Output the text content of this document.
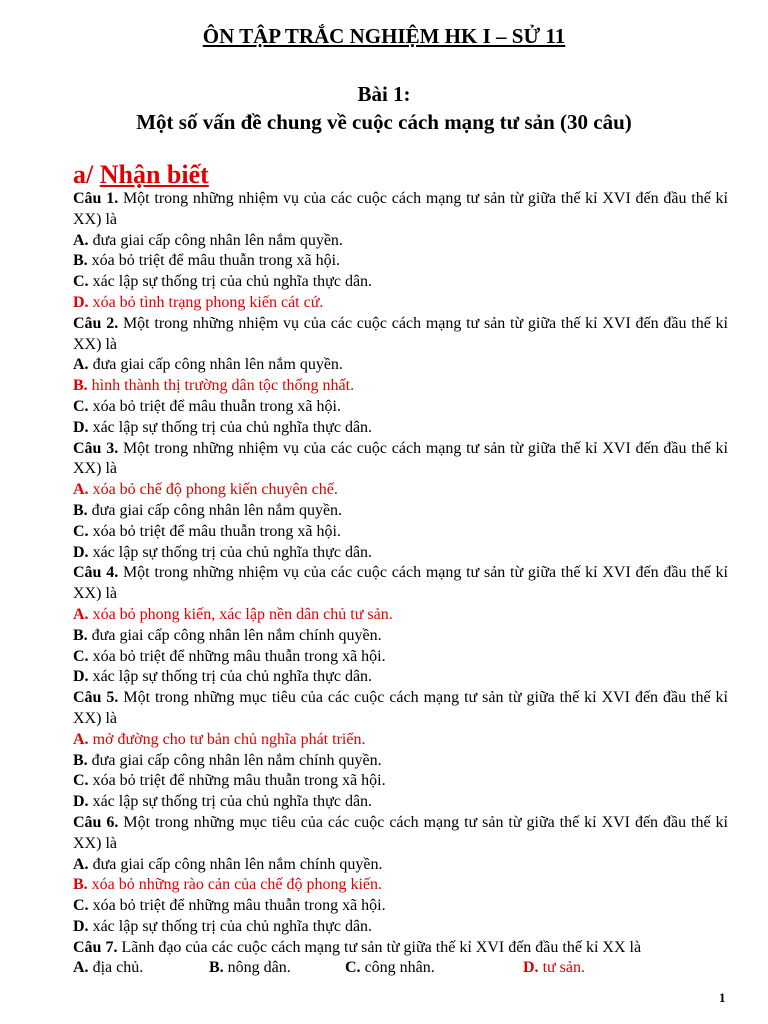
ÔN TẬP TRẮC NGHIỆM HK I – SỬ 11
Bài 1:
Một số vấn đề chung về cuộc cách mạng tư sản (30 câu)
a/ Nhận biết
Câu 1. Một trong những nhiệm vụ của các cuộc cách mạng tư sản từ giữa thế kỉ XVI đến đầu thế kỉ XX) là
A. đưa giai cấp công nhân lên nắm quyền.
B. xóa bỏ triệt để mâu thuẫn trong xã hội.
C. xác lập sự thống trị của chủ nghĩa thực dân.
D. xóa bỏ tình trạng phong kiến cát cứ.
Câu 2. Một trong những nhiệm vụ của các cuộc cách mạng tư sản từ giữa thế kỉ XVI đến đầu thế kỉ XX) là
A. đưa giai cấp công nhân lên nắm quyền.
B. hình thành thị trường dân tộc thống nhất.
C. xóa bỏ triệt để mâu thuẫn trong xã hội.
D. xác lập sự thống trị của chủ nghĩa thực dân.
Câu 3. Một trong những nhiệm vụ của các cuộc cách mạng tư sản từ giữa thế kỉ XVI đến đầu thế kỉ XX) là
A. xóa bỏ chế độ phong kiến chuyên chế.
B. đưa giai cấp công nhân lên nắm quyền.
C. xóa bỏ triệt để mâu thuẫn trong xã hội.
D. xác lập sự thống trị của chủ nghĩa thực dân.
Câu 4. Một trong những nhiệm vụ của các cuộc cách mạng tư sản từ giữa thế kỉ XVI đến đầu thế kỉ XX) là
A. xóa bỏ phong kiến, xác lập nền dân chủ tư sản.
B. đưa giai cấp công nhân lên nắm chính quyền.
C. xóa bỏ triệt để những mâu thuẫn trong xã hội.
D. xác lập sự thống trị của chủ nghĩa thực dân.
Câu 5. Một trong những mục tiêu của các cuộc cách mạng tư sản từ giữa thế kỉ XVI đến đầu thế kỉ XX) là
A. mở đường cho tư bản chủ nghĩa phát triển.
B. đưa giai cấp công nhân lên nắm chính quyền.
C. xóa bỏ triệt để những mâu thuẫn trong xã hội.
D. xác lập sự thống trị của chủ nghĩa thực dân.
Câu 6. Một trong những mục tiêu của các cuộc cách mạng tư sản từ giữa thế kỉ XVI đến đầu thế kỉ XX) là
A. đưa giai cấp công nhân lên nắm chính quyền.
B. xóa bỏ những rào cản của chế độ phong kiến.
C. xóa bỏ triệt để những mâu thuẫn trong xã hội.
D. xác lập sự thống trị của chủ nghĩa thực dân.
Câu 7. Lãnh đạo của các cuộc cách mạng tư sản từ giữa thế kỉ XVI đến đầu thế kỉ XX là
A. địa chủ.	B. nông dân.	C. công nhân.	D. tư sản.
1
